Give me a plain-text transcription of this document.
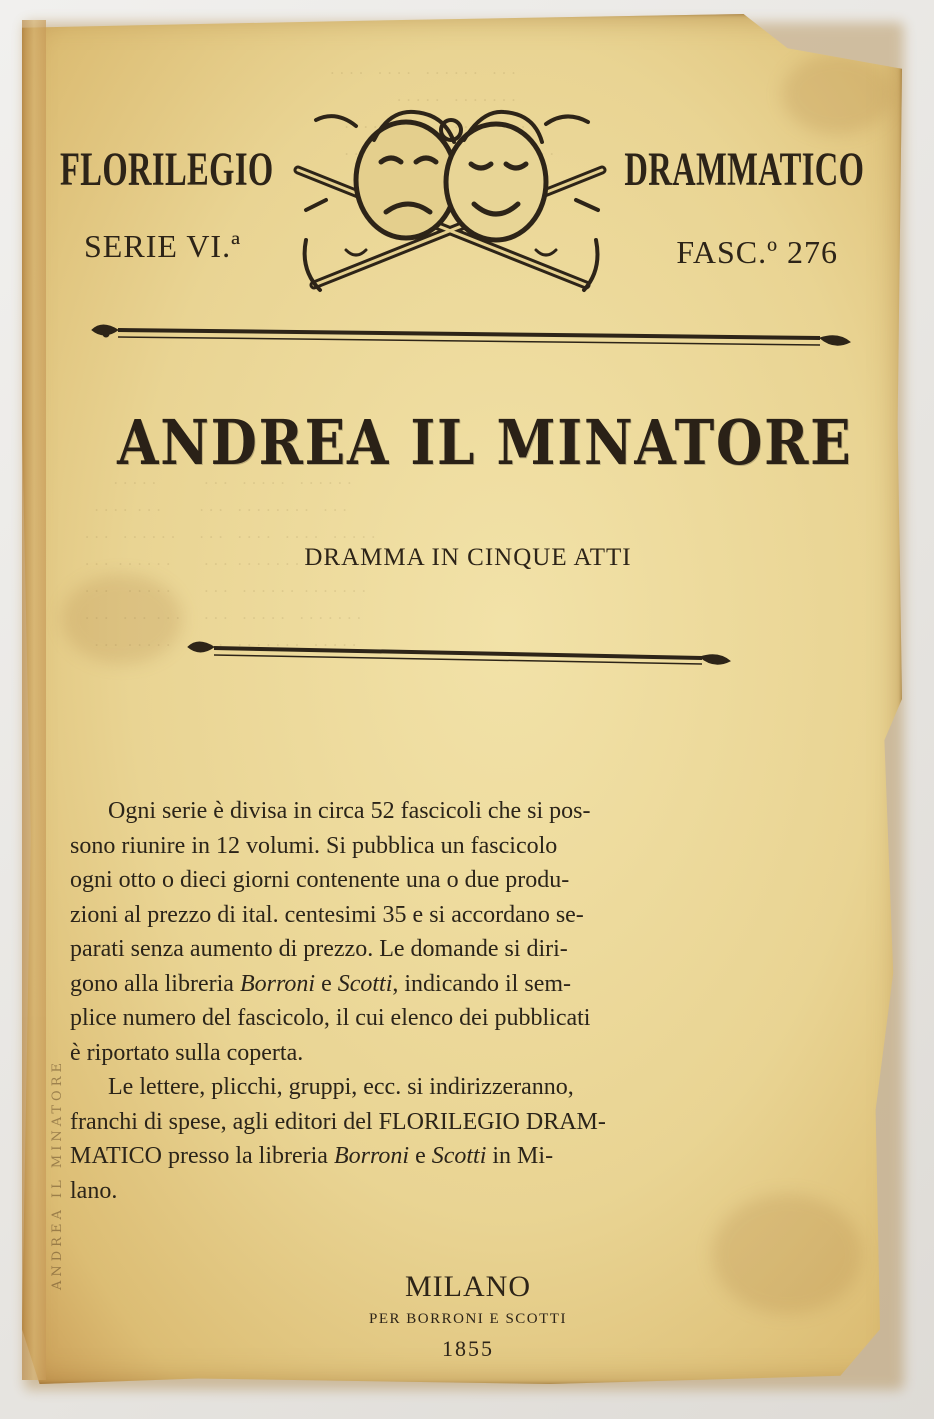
ANDREA IL MINATORE
FLORILEGIO	DRAMMATICO
SERIE VI.ª	FASC.º 276
ANDREA IL MINATORE
DRAMMA IN CINQUE ATTI

Ogni serie è divisa in circa 52 fascicoli che si pos-

sono riunire in 12 volumi. Si pubblica un fascicolo

ogni otto o dieci giorni contenente una o due produ-

zioni al prezzo di ital. centesimi 35 e si accordano se-

parati senza aumento di prezzo. Le domande si diri-

gono alla libreria Borroni e Scotti, indicando il sem-

plice numero del fascicolo, il cui elenco dei pubblicati

è riportato sulla coperta.

Le lettere, plicchi, gruppi, ecc. si indirizzeranno,

franchi di spese, agli editori del FLORILEGIO DRAM-

MATICO presso la libreria Borroni e Scotti in Mi-

lano.

MILANO
PER BORRONI E SCOTTI
1855
